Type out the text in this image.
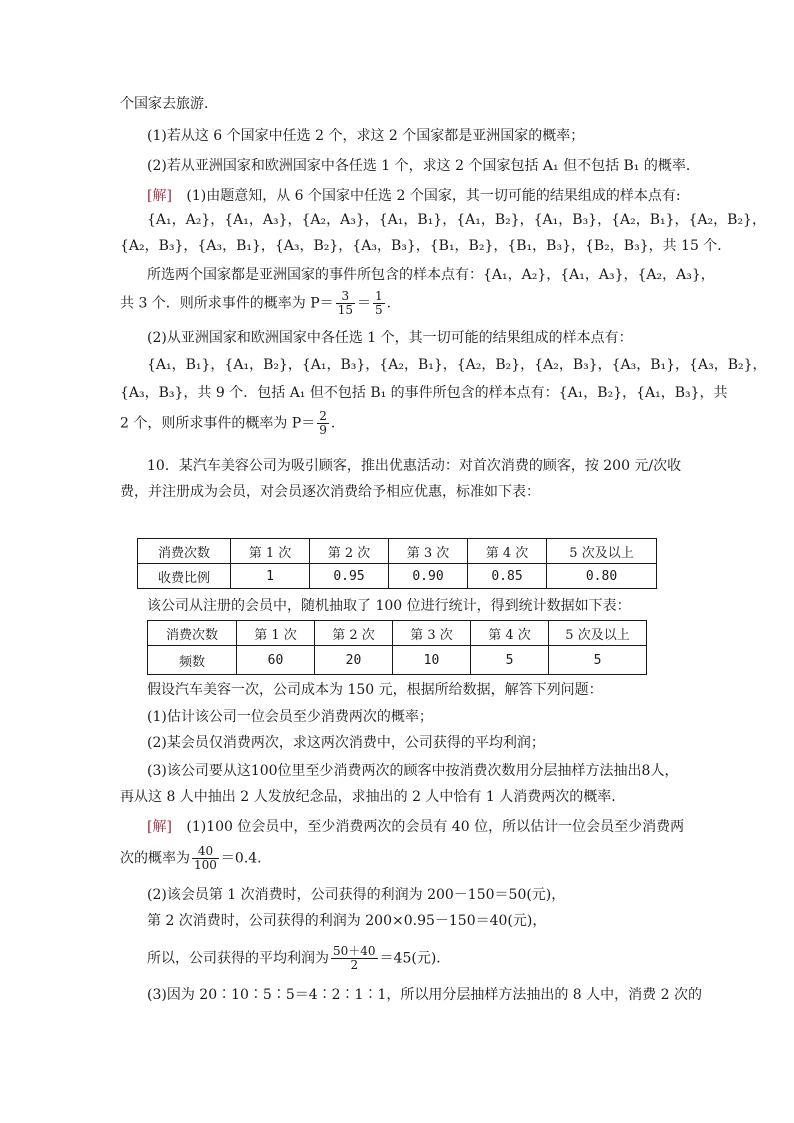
个国家去旅游．
(1)若从这 6 个国家中任选 2 个，求这 2 个国家都是亚洲国家的概率；
(2)若从亚洲国家和欧洲国家中各任选 1 个，求这 2 个国家包括 A₁ 但不包括 B₁ 的概率．
[解] (1)由题意知，从 6 个国家中任选 2 个国家，其一切可能的结果组成的样本点有:
{A₁，A₂}，{A₁，A₃}，{A₂，A₃}，{A₁，B₁}，{A₁，B₂}，{A₁，B₃}，{A₂，B₁}，{A₂，B₂}，
{A₂，B₃}，{A₃，B₁}，{A₃，B₂}，{A₃，B₃}，{B₁，B₂}，{B₁，B₃}，{B₂，B₃}，共 15 个．
所选两个国家都是亚洲国家的事件所包含的样本点有：{A₁，A₂}，{A₁，A₃}，{A₂，A₃}，
共 3 个．则所求事件的概率为 $P= \frac{3}{15} = \frac{1}{5}$ .
(2)从亚洲国家和欧洲国家中各任选 1 个，其一切可能的结果组成的样本点有：
{A₁，B₁}，{A₁，B₂}，{A₁，B₃}，{A₂，B₁}，{A₂，B₂}，{A₂，B₃}，{A₃，B₁}，{A₃，B₂}，
{A₃，B₃}，共 9 个．包括 A₁ 但不包括 B₁ 的事件所包含的样本点有：{A₁，B₂}，{A₁，B₃}，共
2 个，则所求事件的概率为 $P= \frac{2}{9}$ .
10．某汽车美容公司为吸引顾客，推出优惠活动：对首次消费的顾客，按 200 元/次收
费，并注册成为会员，对会员逐次消费给予相应优惠，标准如下表：
消费次数	第 1 次	第 2 次	第 3 次	第 4 次	5 次及以上
收费比例	1	0.95	0.90	0.85	0.80
该公司从注册的会员中，随机抽取了 100 位进行统计，得到统计数据如下表：
消费次数	第 1 次	第 2 次	第 3 次	第 4 次	5 次及以上
频数	60	20	10	5	5
假设汽车美容一次，公司成本为 150 元，根据所给数据，解答下列问题：
(1)估计该公司一位会员至少消费两次的概率；
(2)某会员仅消费两次，求这两次消费中，公司获得的平均利润；
(3)该公司要从这100位里至少消费两次的顾客中按消费次数用分层抽样方法抽出8人，
再从这 8 人中抽出 2 人发放纪念品，求抽出的 2 人中恰有 1 人消费两次的概率．
[解] (1)100 位会员中，至少消费两次的会员有 40 位，所以估计一位会员至少消费两
次的概率为 $\frac{40}{100} =0.4$.
(2)该会员第 1 次消费时，公司获得的利润为 200－150＝50(元)，
第 2 次消费时，公司获得的利润为 200×0.95－150＝40(元)，
所以，公司获得的平均利润为 $\frac{50+40}{2} =45$(元)．
(3)因为 20∶10∶5∶5＝4∶2∶1∶1，所以用分层抽样方法抽出的 8 人中，消费 2 次的
